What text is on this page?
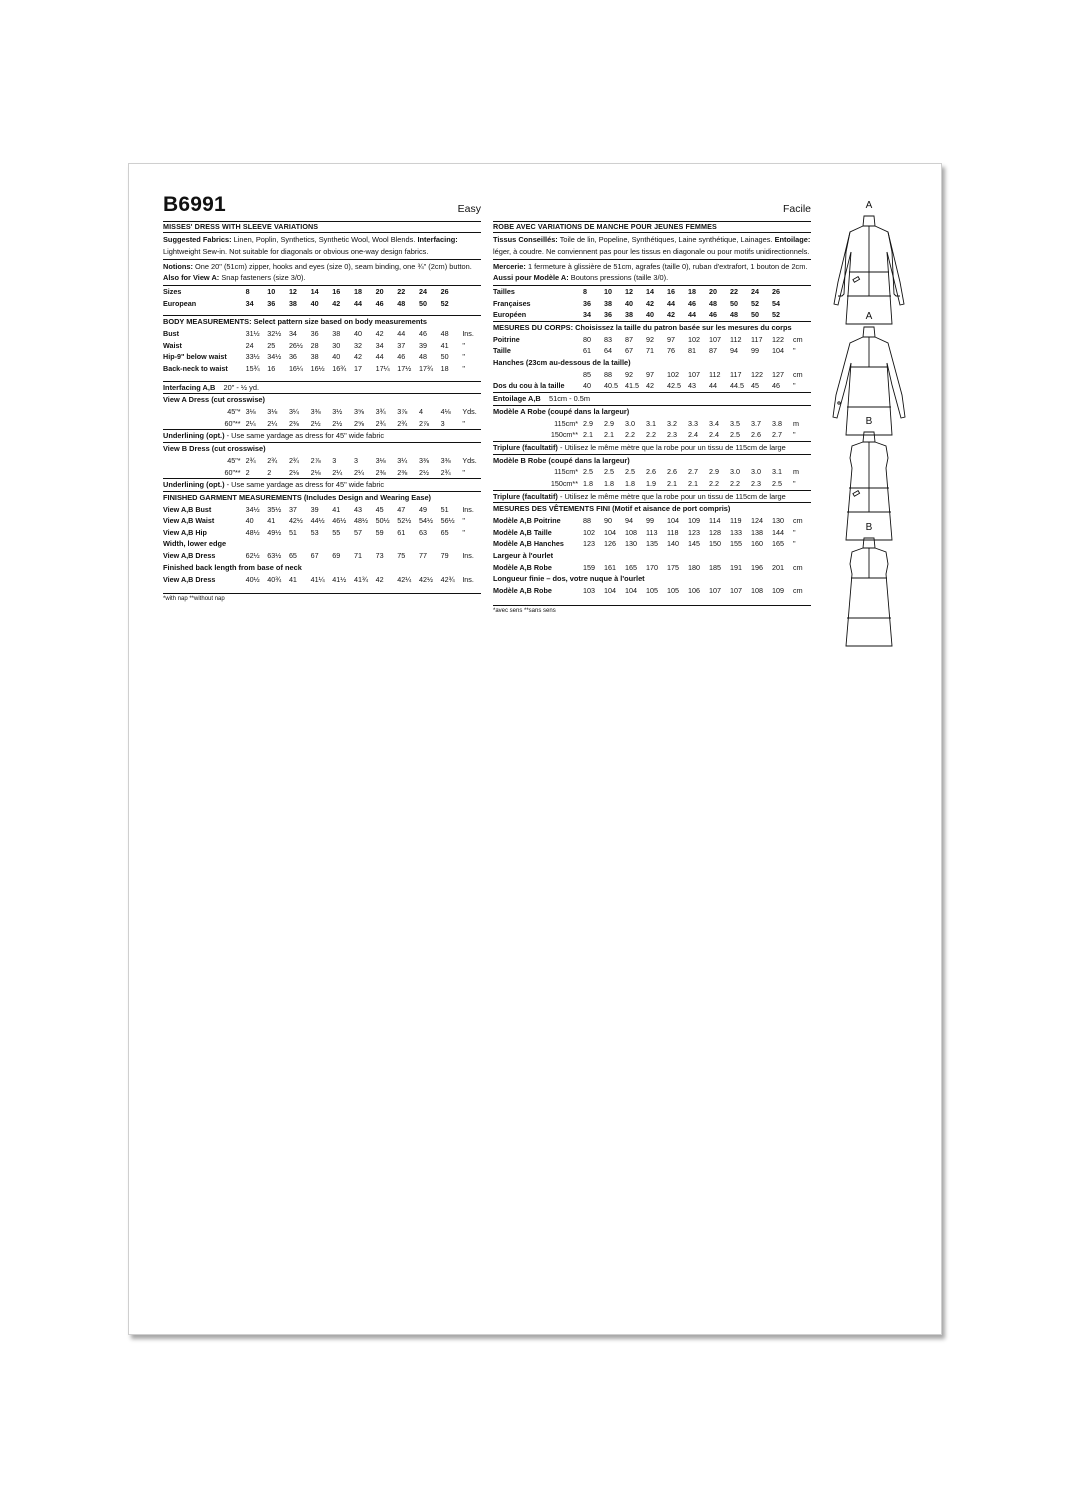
B6991	Easy
MISSES' DRESS WITH SLEEVE VARIATIONS
Suggested Fabrics: Linen, Poplin, Synthetics, Synthetic Wool, Wool Blends. Interfacing: Lightweight Sew-in. Not suitable for diagonals or obvious one-way design fabrics.
Notions: One 20" (51cm) zipper, hooks and eyes (size 0), seam binding, one ¾" (2cm) button. Also for View A: Snap fasteners (size 3/0).
Sizes	8	10	12	14	16	18	20	22	24	26	
European	34	36	38	40	42	44	46	48	50	52	
BODY MEASUREMENTS: Select pattern size based on body measurements
Bust	31½	32½	34	36	38	40	42	44	46	48	Ins.
Waist	24	25	26½	28	30	32	34	37	39	41	"
Hip-9" below waist	33½	34½	36	38	40	42	44	46	48	50	"
Back-neck to waist	15¾	16	16¼	16½	16¾	17	17¼	17½	17¾	18	"
Interfacing A,B 20" - ½ yd.
View A Dress (cut crosswise)
45"*	3⅛	3⅛	3¼	3⅜	3½	3⅝	3¾	3⅞	4	4⅛	Yds.
60"**	2¼	2¼	2⅜	2½	2½	2⅝	2¾	2¾	2⅞	3	"
Underlining (opt.) - Use same yardage as dress for 45" wide fabric
View B Dress (cut crosswise)
45"*	2¾	2¾	2¾	2⅞	3	3	3⅛	3¼	3⅜	3⅜	Yds.
60"**	2	2	2⅛	2⅛	2¼	2¼	2⅜	2⅜	2½	2¾	"
Underlining (opt.) - Use same yardage as dress for 45" wide fabric
FINISHED GARMENT MEASUREMENTS (Includes Design and Wearing Ease)
View A,B Bust	34½	35½	37	39	41	43	45	47	49	51	Ins.
View A,B Waist	40	41	42½	44½	46½	48½	50½	52½	54½	56½	"
View A,B Hip	48½	49½	51	53	55	57	59	61	63	65	"
Width, lower edge
View A,B Dress	62½	63½	65	67	69	71	73	75	77	79	Ins.
Finished back length from base of neck
View A,B Dress	40½	40¾	41	41¼	41½	41¾	42	42¼	42½	42¾	Ins.
*with nap **without nap
Facile
ROBE AVEC VARIATIONS DE MANCHE POUR JEUNES FEMMES
Tissus Conseillés: Toile de lin, Popeline, Synthétiques, Laine synthétique, Lainages. Entoilage: léger, à coudre. Ne conviennent pas pour les tissus en diagonale ou pour motifs unidirectionnels.
Mercerie: 1 fermeture à glissière de 51cm, agrafes (taille 0), ruban d'extrafort, 1 bouton de 2cm. Aussi pour Modèle A: Boutons pressions (taille 3/0).
Tailles	8	10	12	14	16	18	20	22	24	26	
Françaises	36	38	40	42	44	46	48	50	52	54	
Européen	34	36	38	40	42	44	46	48	50	52	
MESURES DU CORPS: Choisissez la taille du patron basée sur les mesures du corps
Poitrine	80	83	87	92	97	102	107	112	117	122	cm
Taille	61	64	67	71	76	81	87	94	99	104	"
Hanches (23cm au-dessous de la taille)
	85	88	92	97	102	107	112	117	122	127	cm
Dos du cou à la taille	40	40.5	41.5	42	42.5	43	44	44.5	45	46	"
Entoilage A,B 51cm - 0.5m
Modèle A Robe (coupé dans la largeur)
115cm*	2.9	2.9	3.0	3.1	3.2	3.3	3.4	3.5	3.7	3.8	m
150cm**	2.1	2.1	2.2	2.2	2.3	2.4	2.4	2.5	2.6	2.7	"
Triplure (facultatif) - Utilisez le même mètre que la robe pour un tissu de 115cm de large
Modèle B Robe (coupé dans la largeur)
115cm*	2.5	2.5	2.5	2.6	2.6	2.7	2.9	3.0	3.0	3.1	m
150cm**	1.8	1.8	1.8	1.9	2.1	2.1	2.2	2.2	2.3	2.5	"
Triplure (facultatif) - Utilisez le même mètre que la robe pour un tissu de 115cm de large
MESURES DES VÊTEMENTS FINI (Motif et aisance de port compris)
Modèle A,B Poitrine	88	90	94	99	104	109	114	119	124	130	cm
Modèle A,B Taille	102	104	108	113	118	123	128	133	138	144	"
Modèle A,B Hanches	123	126	130	135	140	145	150	155	160	165	"
Largeur à l'ourlet
Modèle A,B Robe	159	161	165	170	175	180	185	191	196	201	cm
Longueur finie – dos, votre nuque à l'ourlet
Modèle A,B Robe	103	104	104	105	105	106	107	107	108	109	cm
*avec sens **sans sens
A
A
B
B
